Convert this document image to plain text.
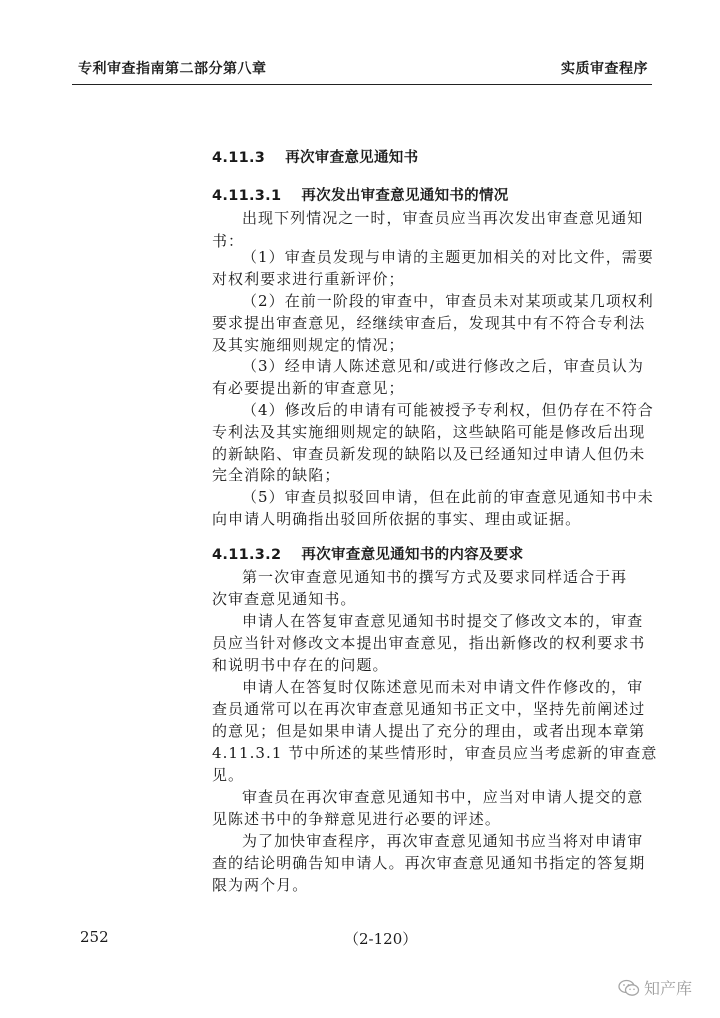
专利审查指南第二部分第八章	实质审查程序
4.11.3 再次审查意见通知书
4.11.3.1 再次发出审查意见通知书的情况
出现下列情况之一时，审查员应当再次发出审查意见通知
书：
（1）审查员发现与申请的主题更加相关的对比文件，需要
对权利要求进行重新评价；
（2）在前一阶段的审查中，审查员未对某项或某几项权利
要求提出审查意见，经继续审查后，发现其中有不符合专利法
及其实施细则规定的情况；
（3）经申请人陈述意见和/或进行修改之后，审查员认为
有必要提出新的审查意见；
（4）修改后的申请有可能被授予专利权，但仍存在不符合
专利法及其实施细则规定的缺陷，这些缺陷可能是修改后出现
的新缺陷、审查员新发现的缺陷以及已经通知过申请人但仍未
完全消除的缺陷；
（5）审查员拟驳回申请，但在此前的审查意见通知书中未
向申请人明确指出驳回所依据的事实、理由或证据。
4.11.3.2 再次审查意见通知书的内容及要求
第一次审查意见通知书的撰写方式及要求同样适合于再
次审查意见通知书。
申请人在答复审查意见通知书时提交了修改文本的，审查
员应当针对修改文本提出审查意见，指出新修改的权利要求书
和说明书中存在的问题。
申请人在答复时仅陈述意见而未对申请文件作修改的，审
查员通常可以在再次审查意见通知书正文中，坚持先前阐述过
的意见；但是如果申请人提出了充分的理由，或者出现本章第
4.11.3.1 节中所述的某些情形时，审查员应当考虑新的审查意
见。
审查员在再次审查意见通知书中，应当对申请人提交的意
见陈述书中的争辩意见进行必要的评述。
为了加快审查程序，再次审查意见通知书应当将对申请审
查的结论明确告知申请人。再次审查意见通知书指定的答复期
限为两个月。
252	（2-120）
知产库
